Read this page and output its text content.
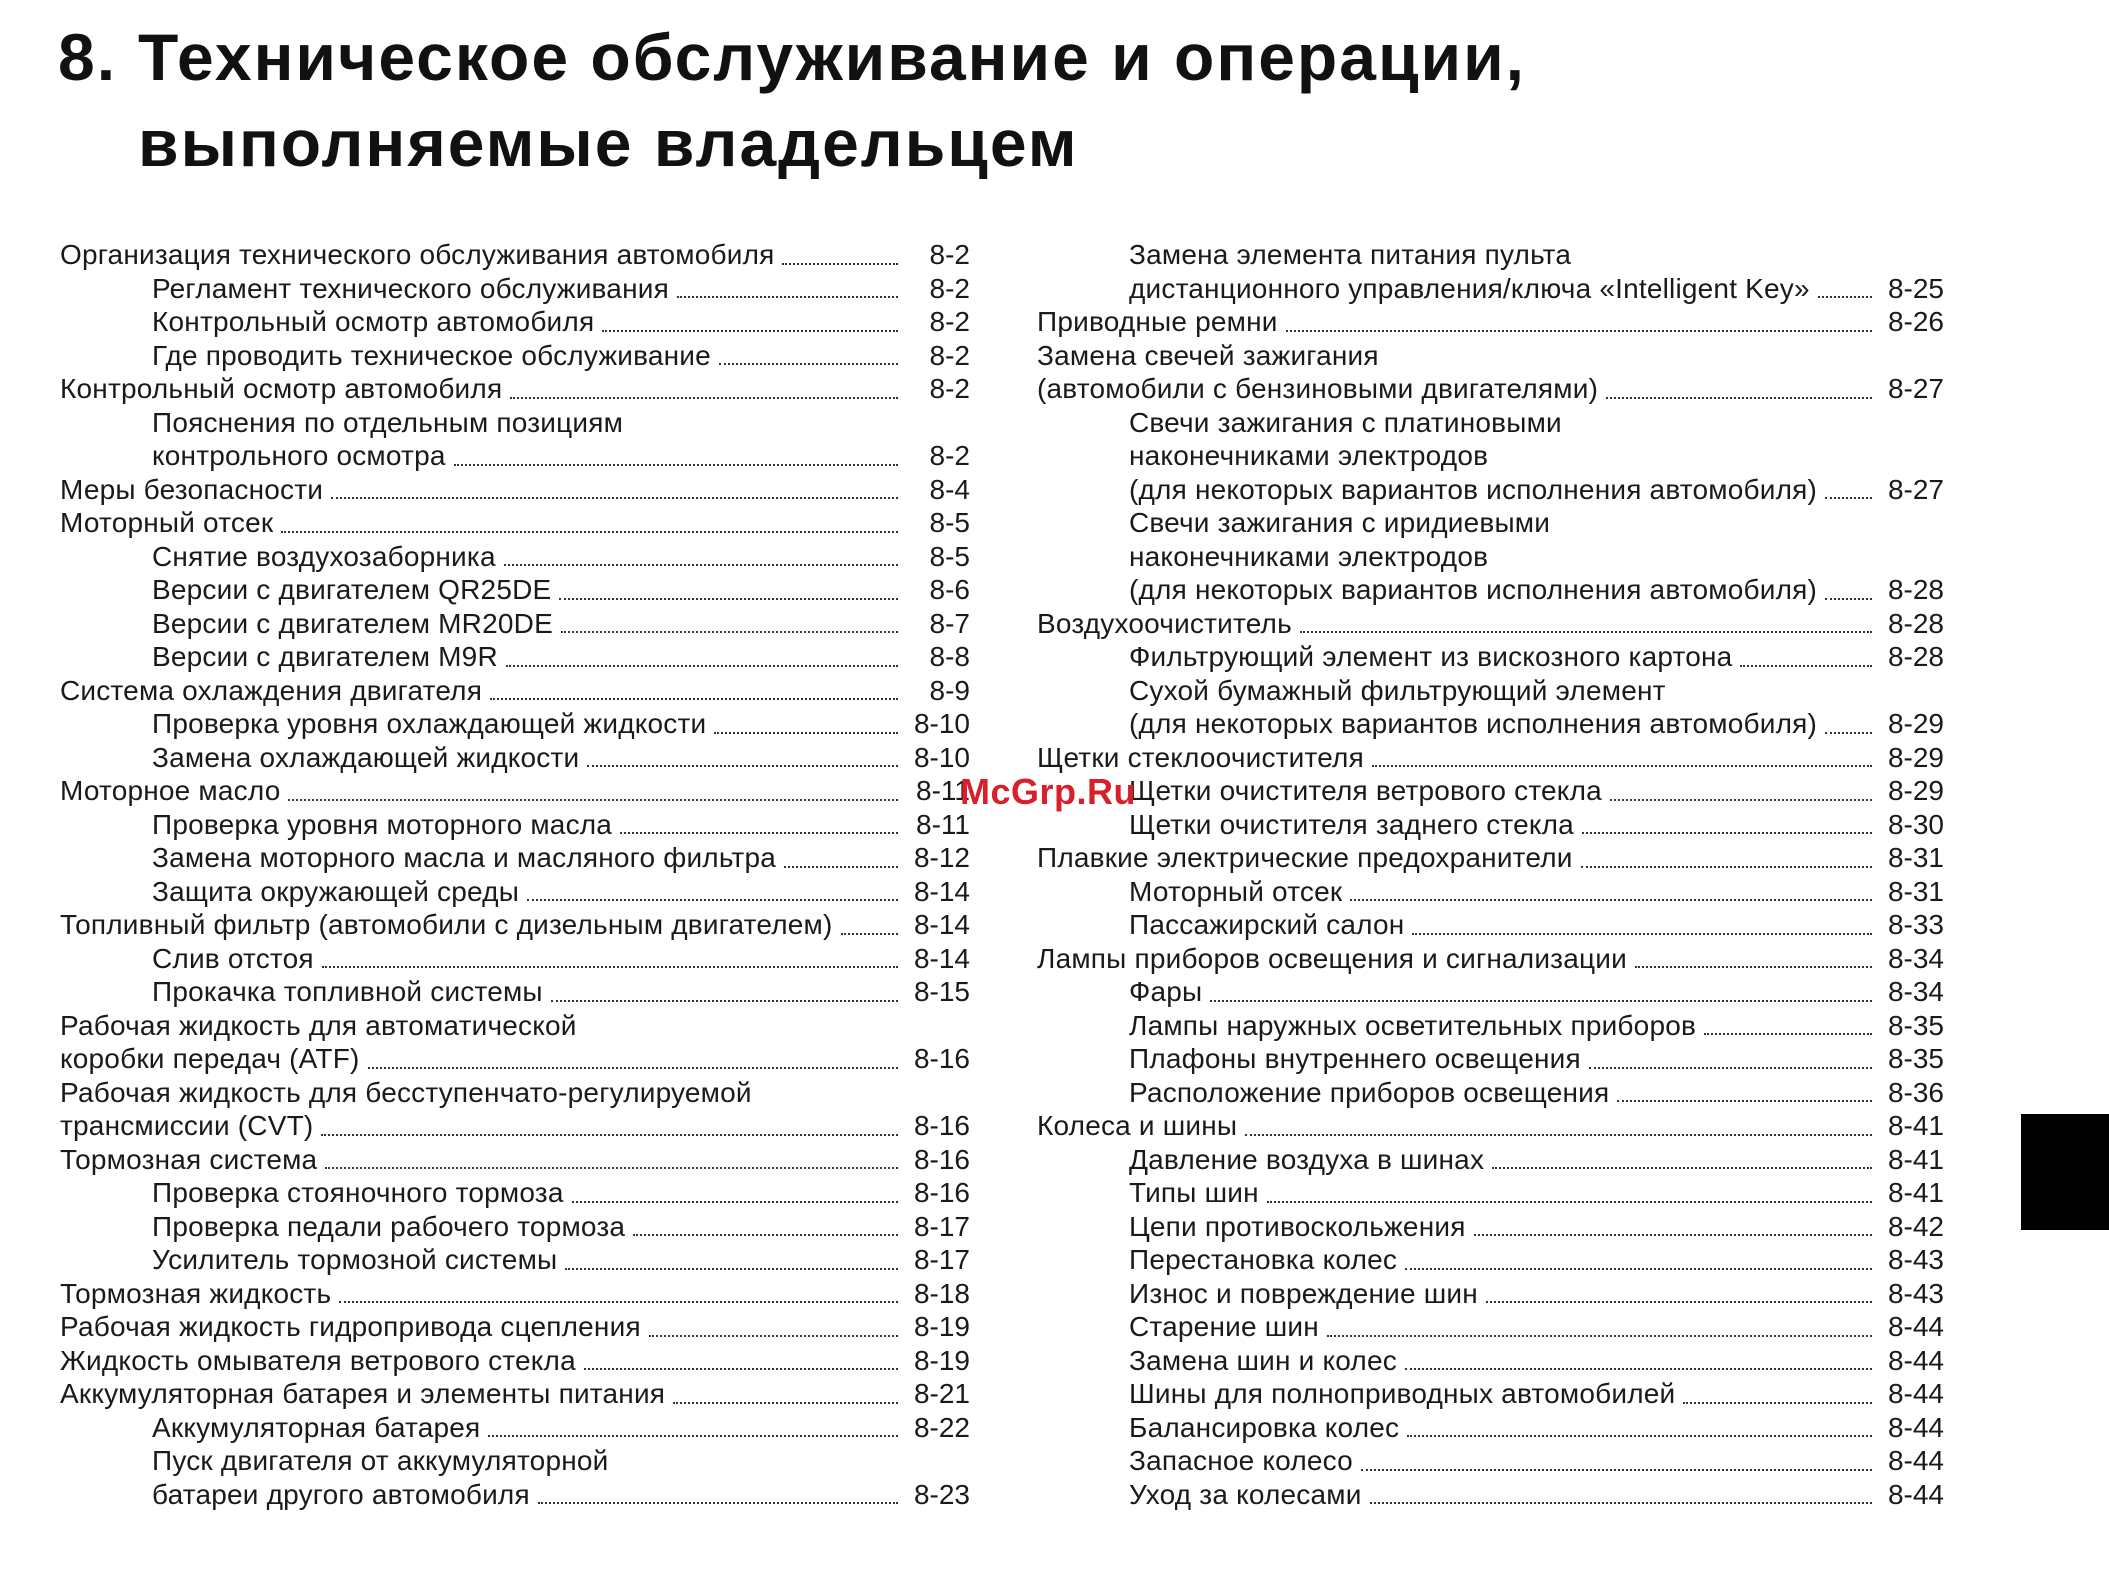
8. Техническое обслуживание и операции,
выполняемые владельцем
Организация технического обслуживания автомобиля	8-2
Регламент технического обслуживания	8-2
Контрольный осмотр автомобиля	8-2
Где проводить техническое обслуживание	8-2
Контрольный осмотр автомобиля	8-2
Пояснения по отдельным позициям
контрольного осмотра	8-2
Меры безопасности	8-4
Моторный отсек	8-5
Снятие воздухозаборника	8-5
Версии с двигателем QR25DE	8-6
Версии с двигателем MR20DE	8-7
Версии с двигателем M9R	8-8
Система охлаждения двигателя	8-9
Проверка уровня охлаждающей жидкости	8-10
Замена охлаждающей жидкости	8-10
Моторное масло	8-11
Проверка уровня моторного масла	8-11
Замена моторного масла и масляного фильтра	8-12
Защита окружающей среды	8-14
Топливный фильтр (автомобили с дизельным двигателем)	8-14
Слив отстоя	8-14
Прокачка топливной системы	8-15
Рабочая жидкость для автоматической
коробки передач (ATF)	8-16
Рабочая жидкость для бесступенчато-регулируемой
трансмиссии (CVT)	8-16
Тормозная система	8-16
Проверка стояночного тормоза	8-16
Проверка педали рабочего тормоза	8-17
Усилитель тормозной системы	8-17
Тормозная жидкость	8-18
Рабочая жидкость гидропривода сцепления	8-19
Жидкость омывателя ветрового стекла	8-19
Аккумуляторная батарея и элементы питания	8-21
Аккумуляторная батарея	8-22
Пуск двигателя от аккумуляторной
батареи другого автомобиля	8-23
Замена элемента питания пульта
дистанционного управления/ключа «Intelligent Key»	8-25
Приводные ремни	8-26
Замена свечей зажигания
(автомобили с бензиновыми двигателями)	8-27
Свечи зажигания с платиновыми
наконечниками электродов
(для некоторых вариантов исполнения автомобиля)	8-27
Свечи зажигания с иридиевыми
наконечниками электродов
(для некоторых вариантов исполнения автомобиля)	8-28
Воздухоочиститель	8-28
Фильтрующий элемент из вискозного картона	8-28
Сухой бумажный фильтрующий элемент
(для некоторых вариантов исполнения автомобиля)	8-29
Щетки стеклоочистителя	8-29
Щетки очистителя ветрового стекла	8-29
Щетки очистителя заднего стекла	8-30
Плавкие электрические предохранители	8-31
Моторный отсек	8-31
Пассажирский салон	8-33
Лампы приборов освещения и сигнализации	8-34
Фары	8-34
Лампы наружных осветительных приборов	8-35
Плафоны внутреннего освещения	8-35
Расположение приборов освещения	8-36
Колеса и шины	8-41
Давление воздуха в шинах	8-41
Типы шин	8-41
Цепи противоскольжения	8-42
Перестановка колес	8-43
Износ и повреждение шин	8-43
Старение шин	8-44
Замена шин и колес	8-44
Шины для полноприводных автомобилей	8-44
Балансировка колес	8-44
Запасное колесо	8-44
Уход за колесами	8-44
McGrp.Ru
